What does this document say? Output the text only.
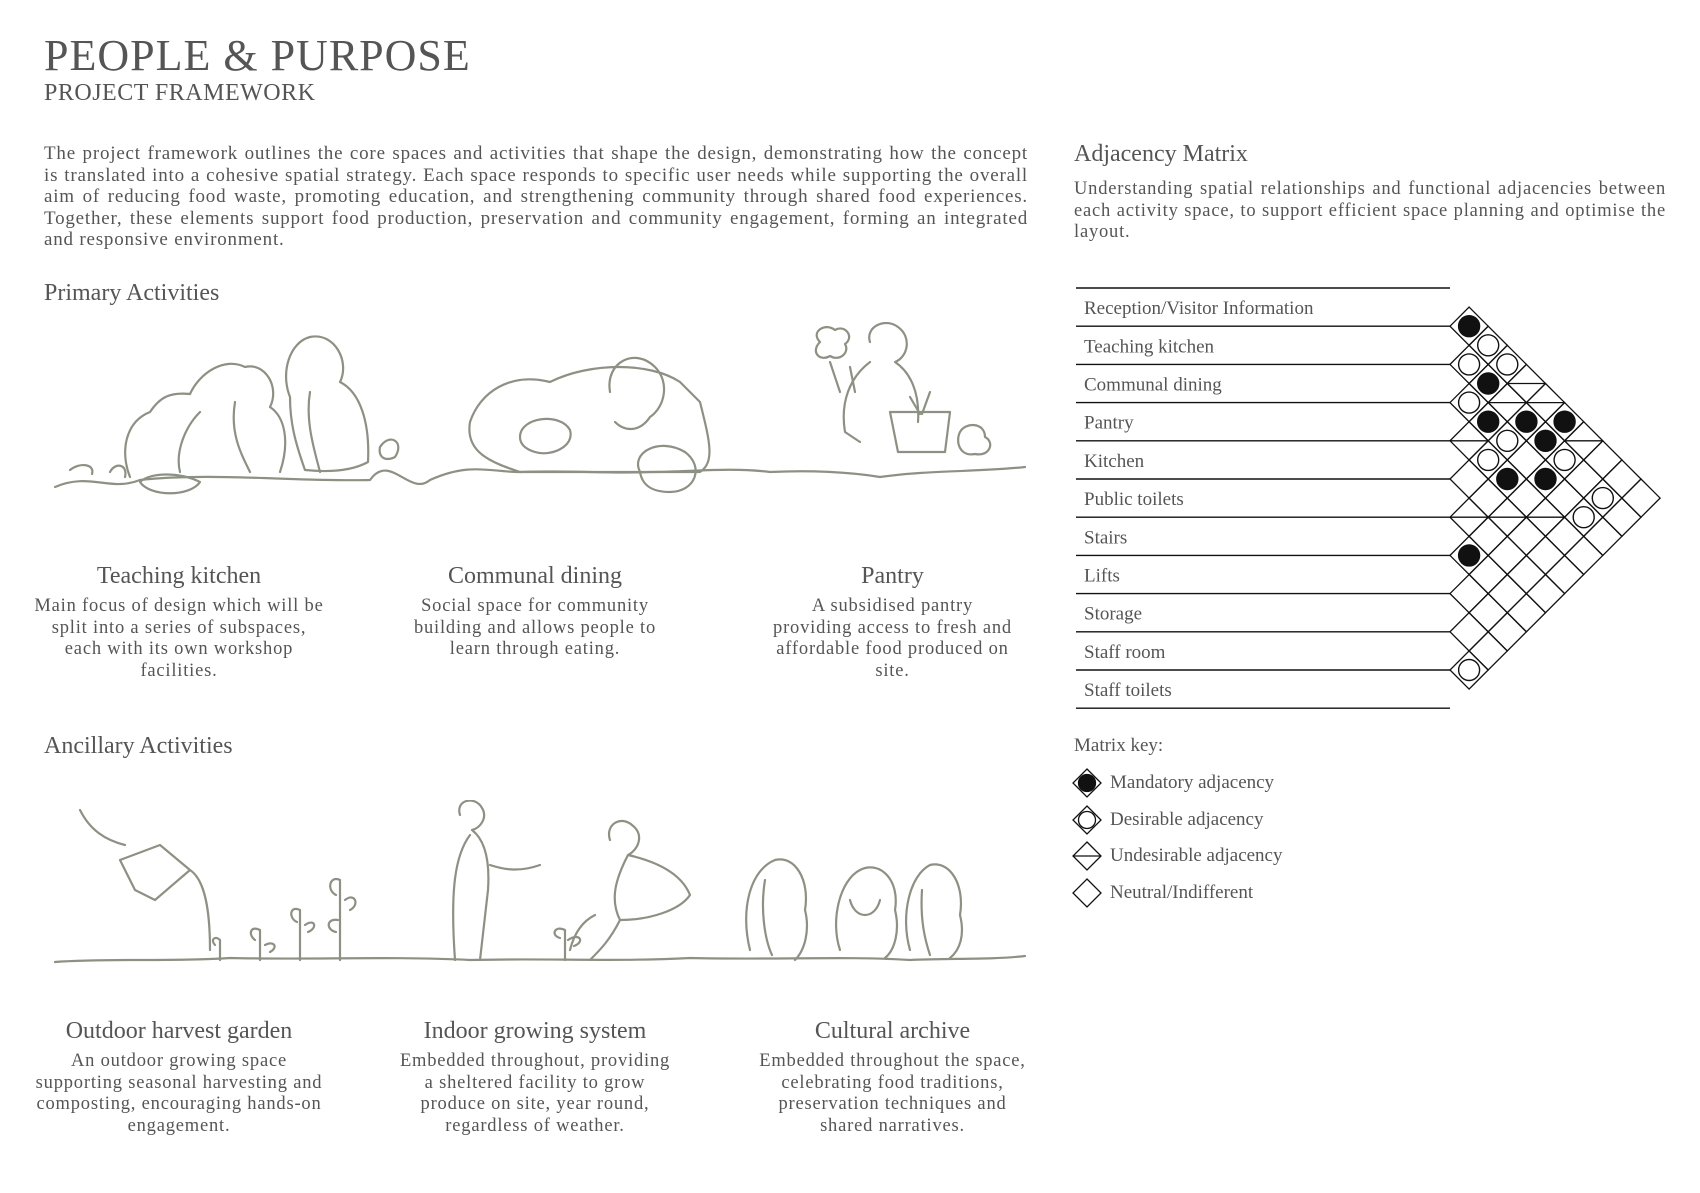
PEOPLE & PURPOSE
PROJECT FRAMEWORK
The project framework outlines the core spaces and activities that shape the design, demonstrating how the concept is translated into a cohesive spatial strategy. Each space responds to specific user needs while supporting the overall aim of reducing food waste, promoting education, and strengthening community through shared food experiences. Together, these elements support food production, preservation and community engagement, forming an integrated and responsive environment.
Primary Activities
Teaching kitchen
Main focus of design which will be split into a series of subspaces, each with its own workshop facilities.
Communal dining
Social space for community building and allows people to learn through eating.
Pantry
A subsidised pantry providing access to fresh and affordable food produced on site.
Ancillary Activities
Outdoor harvest garden
An outdoor growing space supporting seasonal harvesting and composting, encouraging hands-on engagement.
Indoor growing system
Embedded throughout, providing a sheltered facility to grow produce on site, year round, regardless of weather.
Cultural archive
Embedded throughout the space, celebrating food traditions, preservation techniques and shared narratives.
Adjacency Matrix
Understanding spatial relationships and functional adjacencies between each activity space, to support efficient space planning and optimise the layout.
Reception/Visitor Information
Teaching kitchen
Communal dining
Pantry
Kitchen
Public toilets
Stairs
Lifts
Storage
Staff room
Staff toilets
Matrix key:
Mandatory adjacency
Desirable adjacency
Undesirable adjacency
Neutral/Indifferent
